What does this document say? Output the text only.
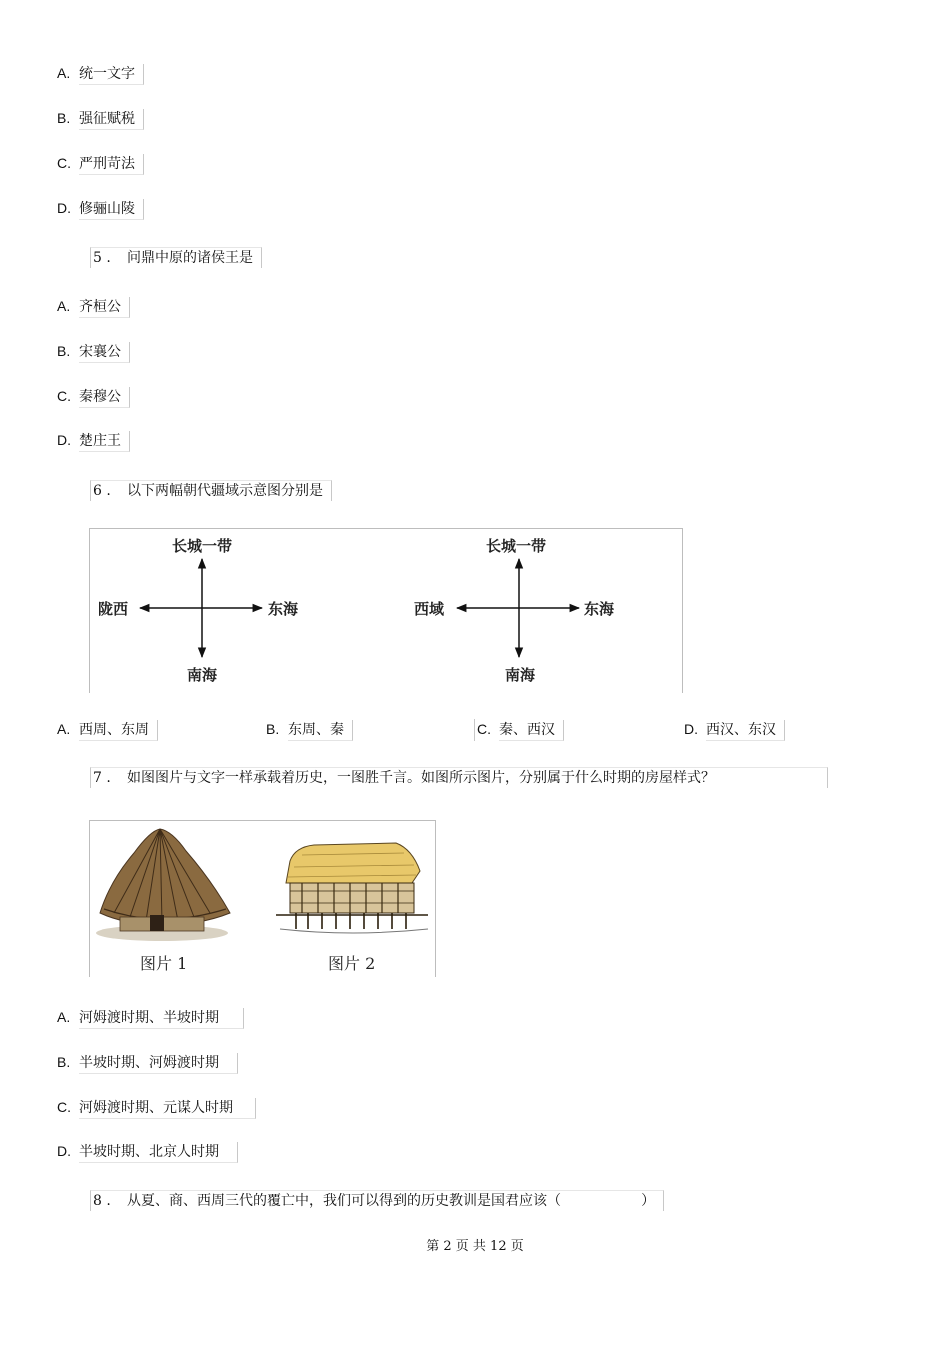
A. 统一文字
B. 强征赋税
C. 严刑苛法
D. 修骊山陵
5 . 问鼎中原的诸侯王是
A. 齐桓公
B. 宋襄公
C. 秦穆公
D. 楚庄王
6 . 以下两幅朝代疆域示意图分别是
长城一带
陇西	东海
南海
长城一带
西域	东海
南海
A. 西周、东周	B. 东周、秦	C. 秦、西汉	D. 西汉、东汉
7 . 如图图片与文字一样承载着历史，一图胜千言。如图所示图片，分别属于什么时期的房屋样式？
图片 1	图片 2
A. 河姆渡时期、半坡时期
B. 半坡时期、河姆渡时期
C. 河姆渡时期、元谋人时期
D. 半坡时期、北京人时期
8 . 从夏、商、西周三代的覆亡中，我们可以得到的历史教训是国君应该（                  ）
第 2 页 共 12 页
